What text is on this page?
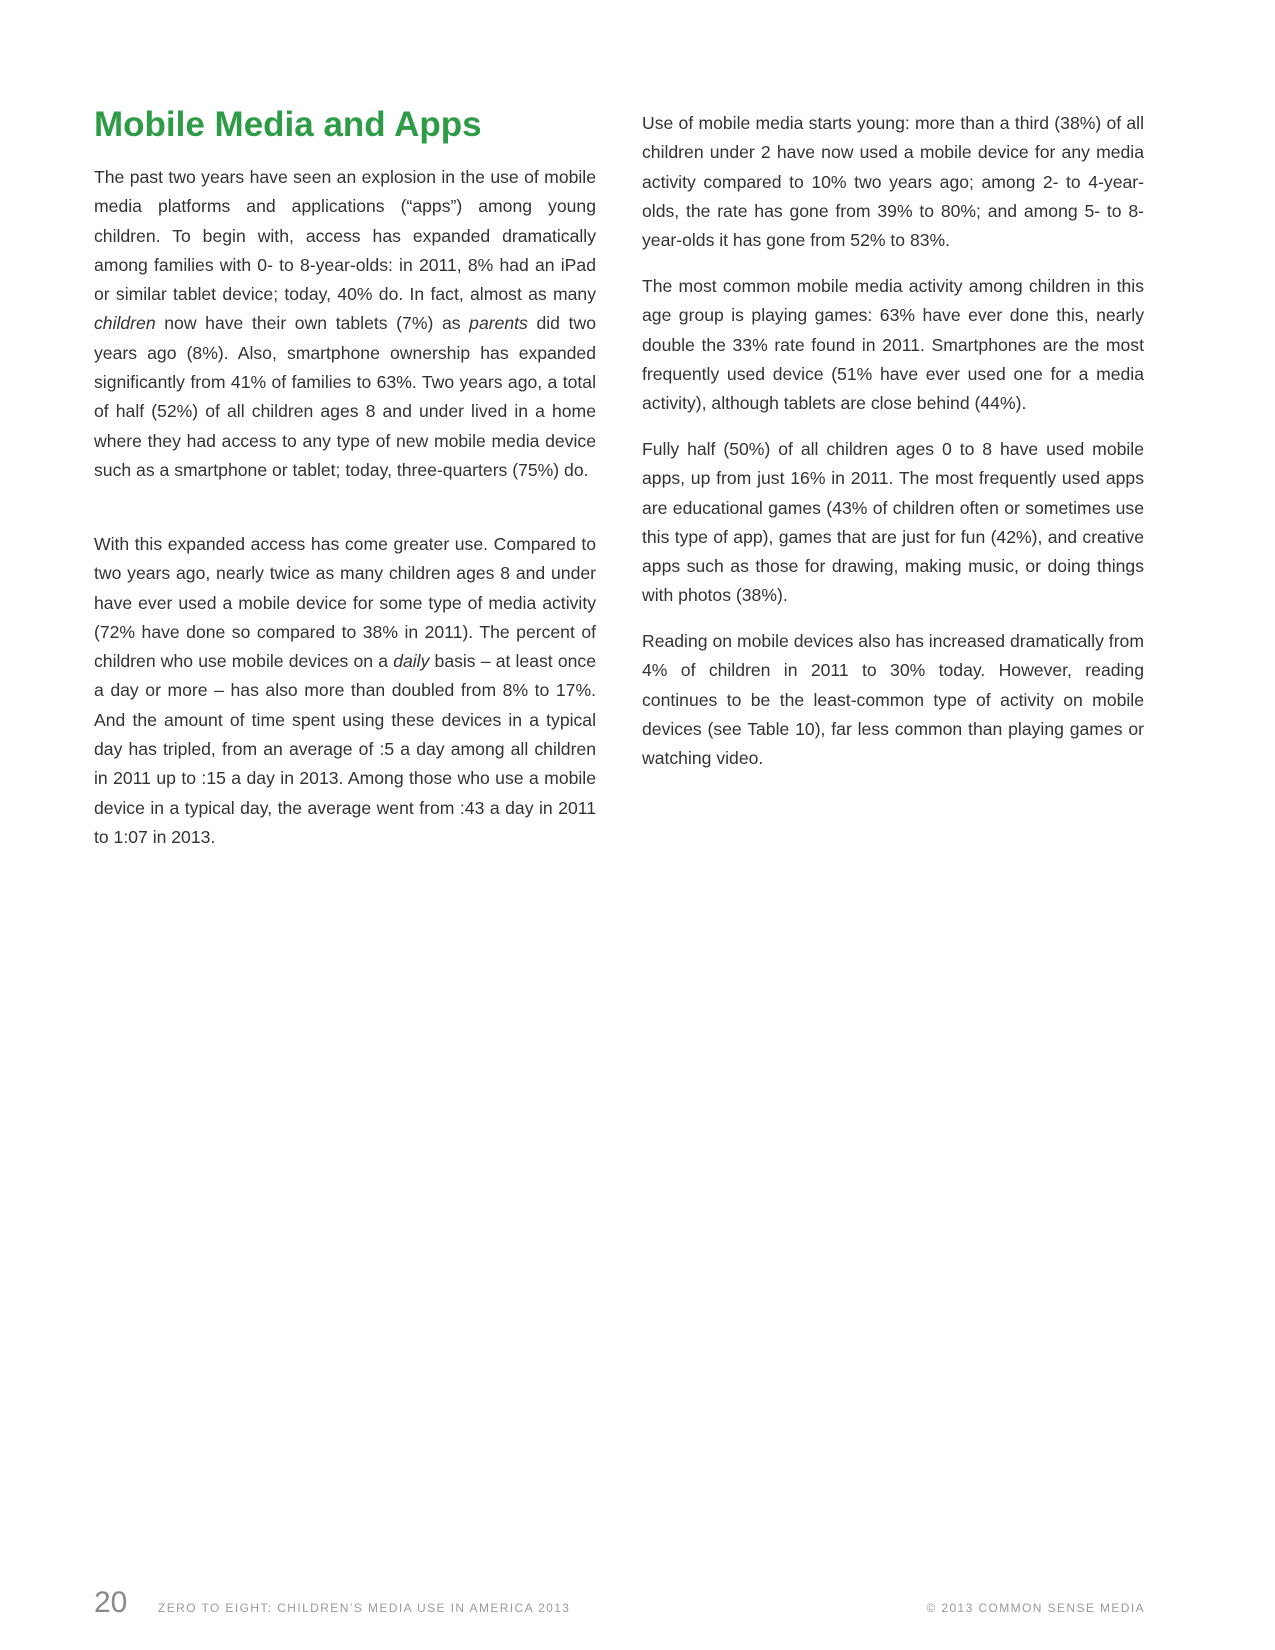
Mobile Media and Apps

The past two years have seen an explosion in the use of mobile media platforms and applications (“apps”) among young children. To begin with, access has expanded dramatically among families with 0- to 8-year-olds: in 2011, 8% had an iPad or similar tablet device; today, 40% do. In fact, almost as many children now have their own tablets (7%) as parents did two years ago (8%). Also, smartphone ownership has expanded significantly from 41% of families to 63%. Two years ago, a total of half (52%) of all children ages 8 and under lived in a home where they had access to any type of new mobile media device such as a smartphone or tablet; today, three-quarters (75%) do.

With this expanded access has come greater use. Compared to two years ago, nearly twice as many children ages 8 and under have ever used a mobile device for some type of media activity (72% have done so compared to 38% in 2011). The percent of children who use mobile devices on a daily basis – at least once a day or more – has also more than doubled from 8% to 17%. And the amount of time spent using these devices in a typical day has tripled, from an average of :5 a day among all children in 2011 up to :15 a day in 2013. Among those who use a mobile device in a typical day, the average went from :43 a day in 2011 to 1:07 in 2013.

Use of mobile media starts young: more than a third (38%) of all children under 2 have now used a mobile device for any media activity compared to 10% two years ago; among 2- to 4-year-olds, the rate has gone from 39% to 80%; and among 5- to 8-year-olds it has gone from 52% to 83%.

The most common mobile media activity among children in this age group is playing games: 63% have ever done this, nearly double the 33% rate found in 2011. Smartphones are the most frequently used device (51% have ever used one for a media activity), although tablets are close behind (44%).

Fully half (50%) of all children ages 0 to 8 have used mobile apps, up from just 16% in 2011. The most frequently used apps are educational games (43% of children often or sometimes use this type of app), games that are just for fun (42%), and creative apps such as those for drawing, making music, or doing things with photos (38%).

Reading on mobile devices also has increased dramatically from 4% of children in 2011 to 30% today. However, reading continues to be the least-common type of activity on mobile devices (see Table 10), far less common than playing games or watching video.

20	ZERO TO EIGHT: CHILDREN’S MEDIA USE IN AMERICA 2013	© 2013 COMMON SENSE MEDIA
